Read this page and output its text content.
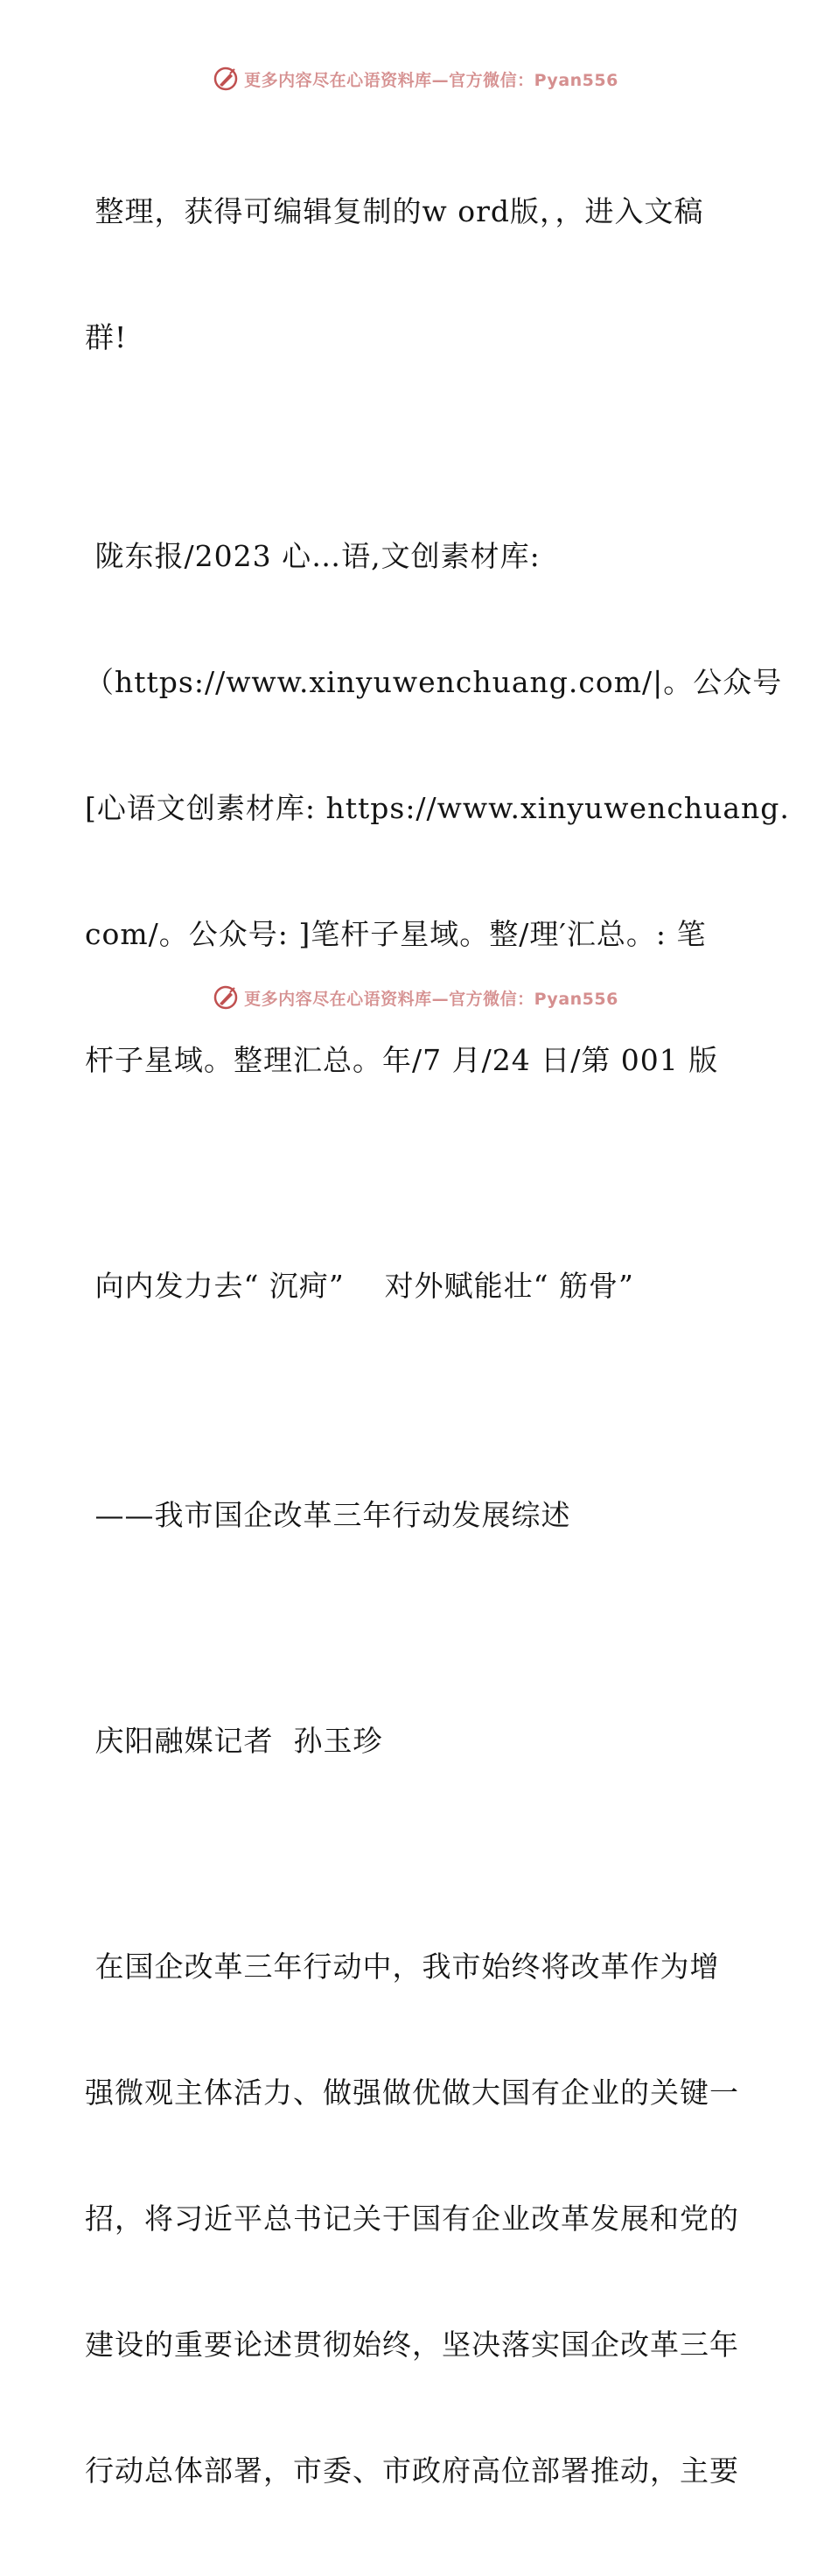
更多内容尽在心语资料库—官方微信：Pyan556

整理，获得可编辑复制的w ord版，，进入文稿

群!

陇东报/2023 心…语,文创素材库:

（https://www.xinyuwenchuang.com/|。公众号

[心语文创素材库: https://www.xinyuwenchuang.

com/。公众号: ]笔杆子星域。整/理′汇总。: 笔

杆子星域。整理汇总。年/7 月/24 日/第 001 版

向内发力去“ 沉疴”    对外赋能壮“ 筋骨”

——我市国企改革三年行动发展综述

庆阳融媒记者  孙玉珍

在国企改革三年行动中，我市始终将改革作为增

强微观主体活力、做强做优做大国有企业的关键一

招，将习近平总书记关于国有企业改革发展和党的

建设的重要论述贯彻始终，坚决落实国企改革三年

行动总体部署，市委、市政府高位部署推动，主要

更多内容尽在心语资料库—官方微信：Pyan556
